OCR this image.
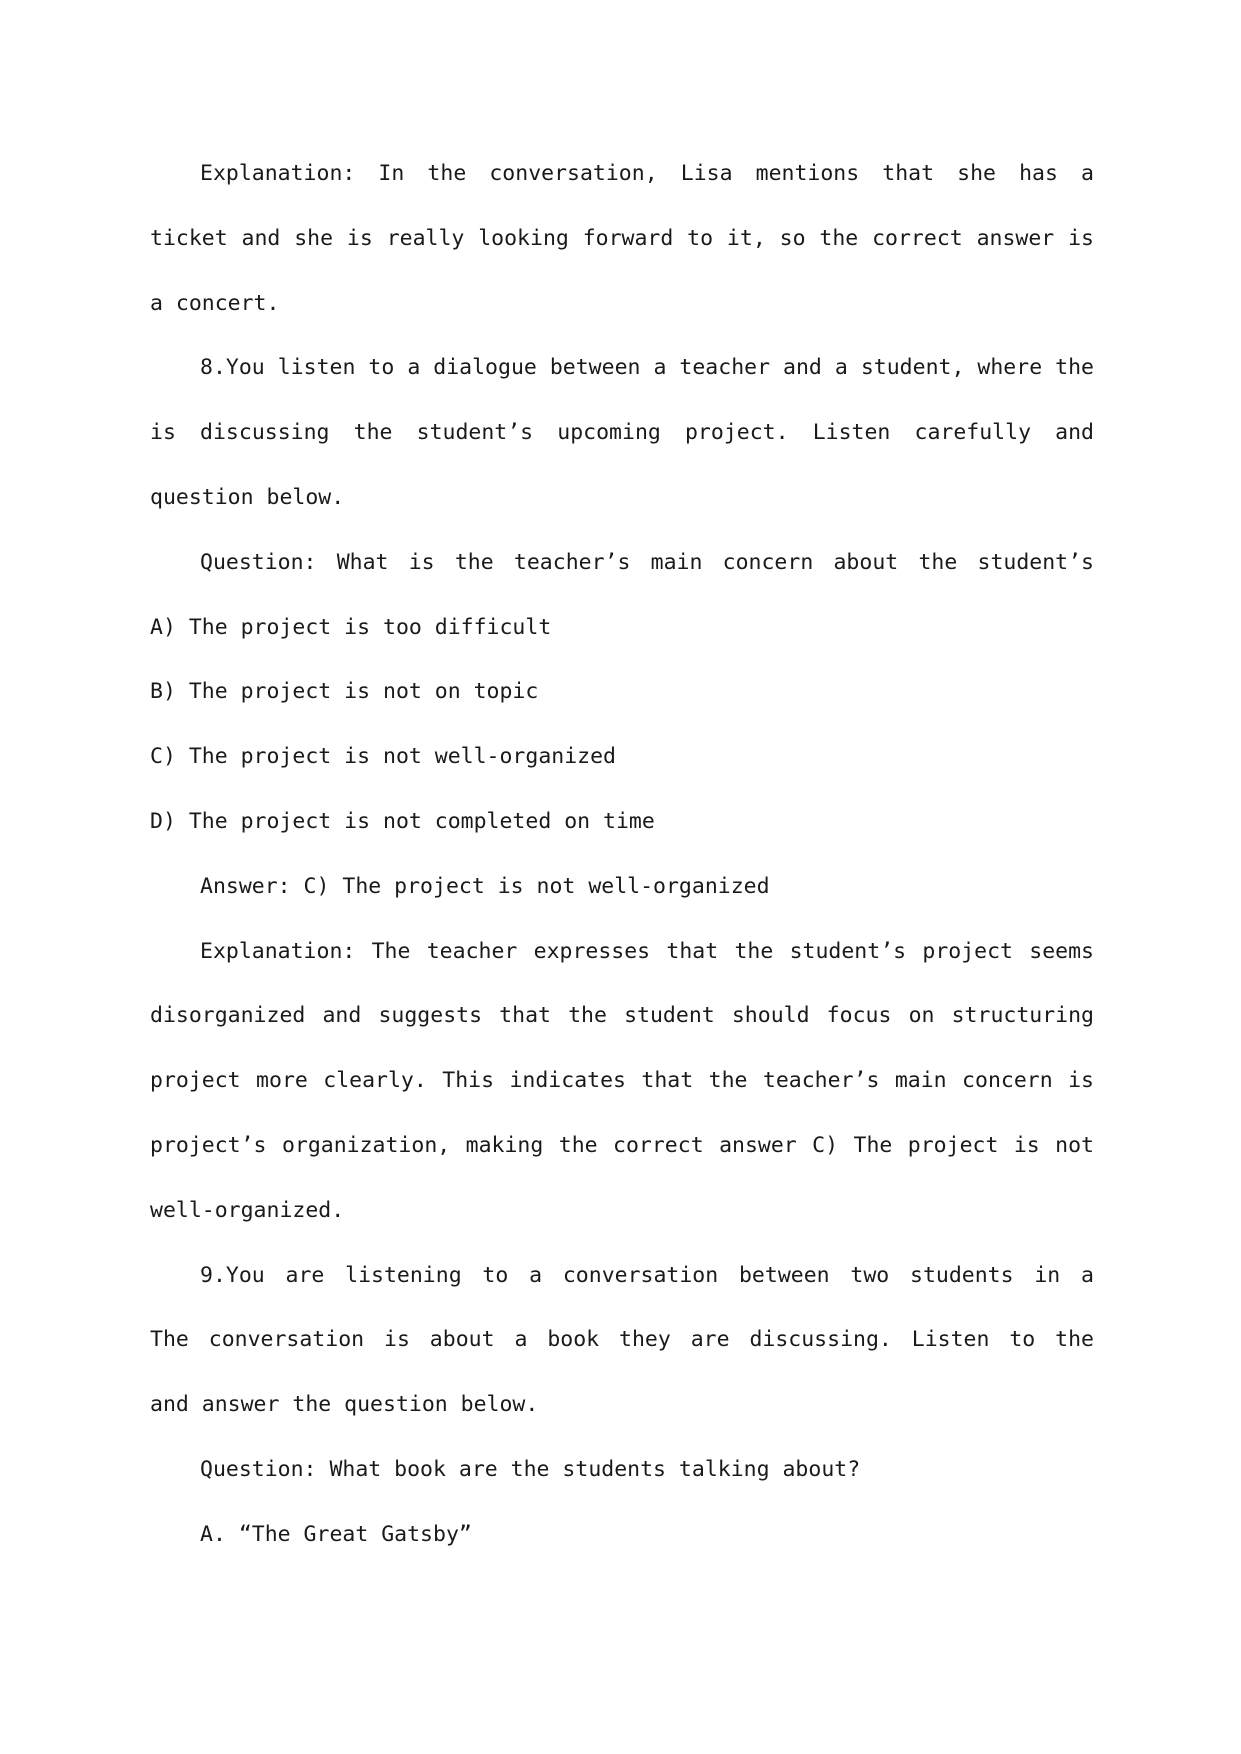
Explanation: In the conversation, Lisa mentions that she has a
ticket and she is really looking forward to it, so the correct answer is
a concert.
8.You listen to a dialogue between a teacher and a student, where the
is discussing the student’s upcoming project. Listen carefully and
question below.
Question: What is the teacher’s main concern about the student’s
A) The project is too difficult
B) The project is not on topic
C) The project is not well-organized
D) The project is not completed on time
Answer: C) The project is not well-organized
Explanation: The teacher expresses that the student’s project seems
disorganized and suggests that the student should focus on structuring
project more clearly. This indicates that the teacher’s main concern is
project’s organization, making the correct answer C) The project is not
well-organized.
9.You are listening to a conversation between two students in a
The conversation is about a book they are discussing. Listen to the
and answer the question below.
Question: What book are the students talking about?
A. “The Great Gatsby”
